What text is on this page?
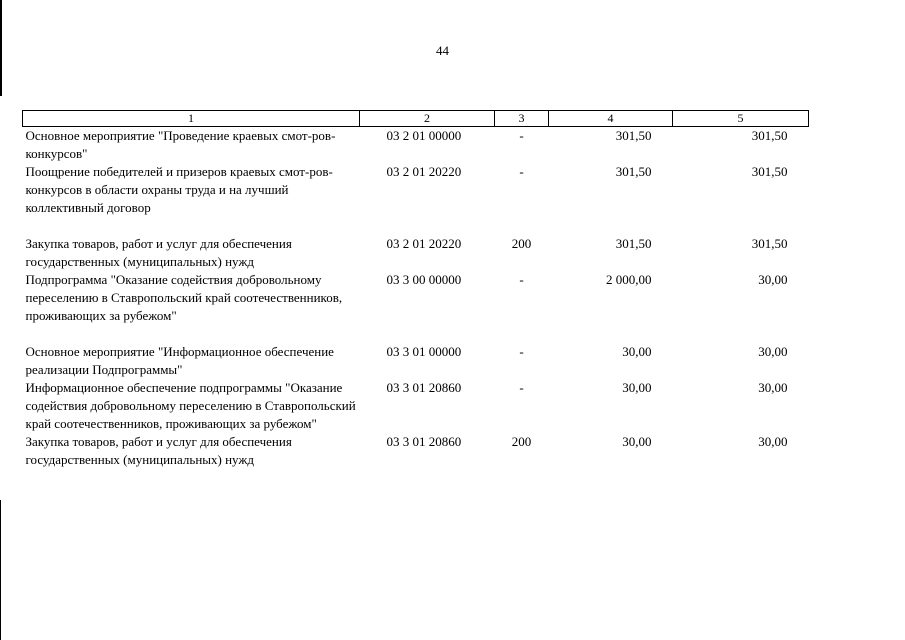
44
1	2	3	4	5
Основное мероприятие "Проведение краевых смот-ров-конкурсов"	03 2 01 00000	-	301,50	301,50
Поощрение победителей и призеров краевых смот-ров-конкурсов в области охраны труда и на лучший коллективный договор	03 2 01 20220	-	301,50	301,50
Закупка товаров, работ и услуг для обеспечения государственных (муниципальных) нужд	03 2 01 20220	200	301,50	301,50
Подпрограмма "Оказание содействия добровольному переселению в Ставропольский край соотечественников, проживающих за рубежом"	03 3 00 00000	-	2 000,00	30,00
Основное мероприятие "Информационное обеспечение реализации Подпрограммы"	03 3 01 00000	-	30,00	30,00
Информационное обеспечение подпрограммы "Оказание содействия добровольному переселению в Ставропольский край соотечественников, проживающих за рубежом"	03 3 01 20860	-	30,00	30,00
Закупка товаров, работ и услуг для обеспечения государственных (муниципальных) нужд	03 3 01 20860	200	30,00	30,00
